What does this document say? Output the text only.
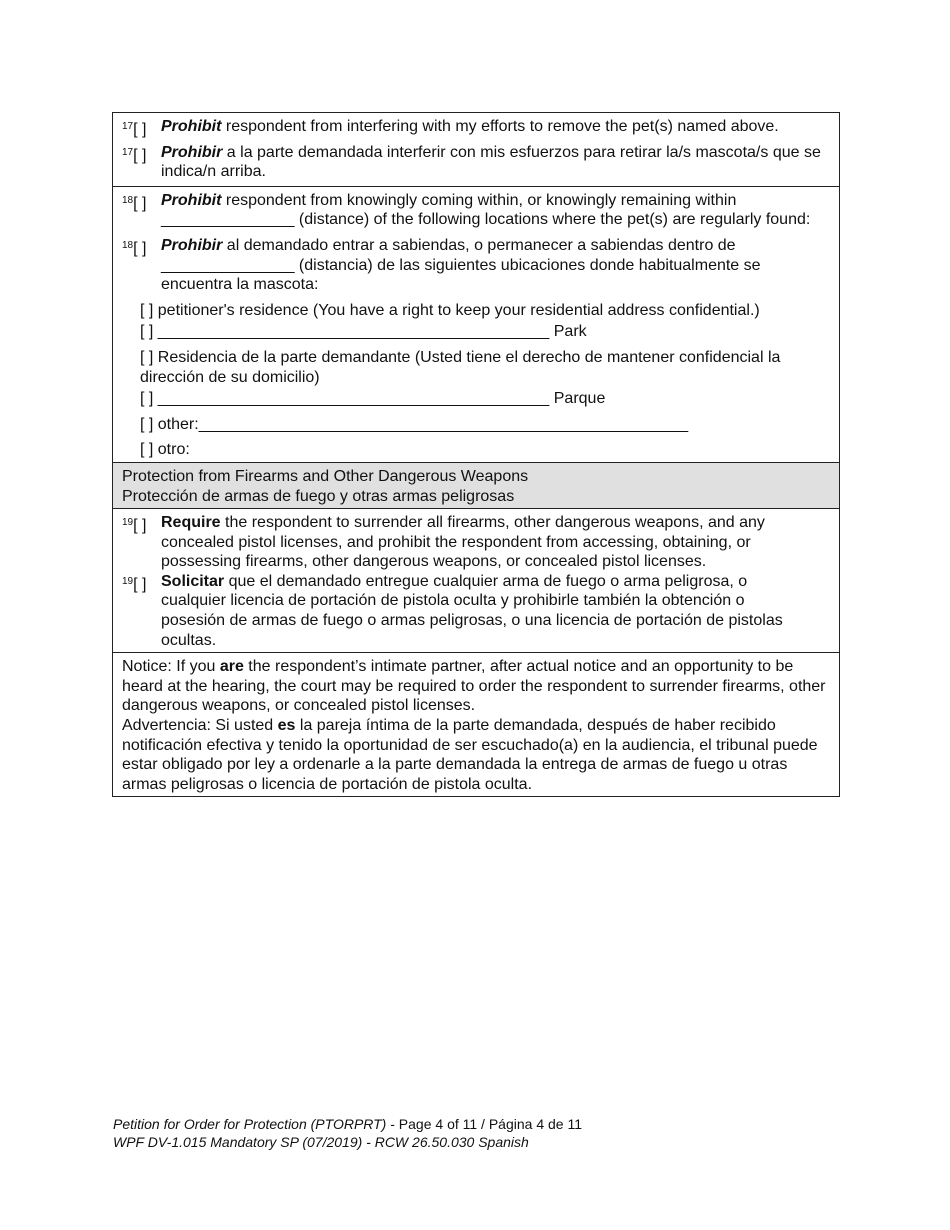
$^{17}$[ ] Prohibit respondent from interfering with my efforts to remove the pet(s) named above.
$^{17}$[ ] Prohibir a la parte demandada interferir con mis esfuerzos para retirar la/s mascota/s que se indica/n arriba.
$^{18}$[ ] Prohibit respondent from knowingly coming within, or knowingly remaining within
_______________ (distance) of the following locations where the pet(s) are regularly found:
$^{18}$[ ] Prohibir al demandado entrar a sabiendas, o permanecer a sabiendas dentro de
_______________ (distancia) de las siguientes ubicaciones donde habitualmente se encuentra la mascota:
[ ] petitioner's residence (You have a right to keep your residential address confidential.)
[ ] ____________________________________________ Park
[ ] Residencia de la parte demandante (Usted tiene el derecho de mantener confidencial la dirección de su domicilio)
[ ] ____________________________________________ Parque
[ ] other:_______________________________________________________
[ ] otro:
Protection from Firearms and Other Dangerous Weapons
Protección de armas de fuego y otras armas peligrosas
$^{19}$[ ] Require the respondent to surrender all firearms, other dangerous weapons, and any concealed pistol licenses, and prohibit the respondent from accessing, obtaining, or possessing firearms, other dangerous weapons, or concealed pistol licenses.
$^{19}$[ ] Solicitar que el demandado entregue cualquier arma de fuego o arma peligrosa, o cualquier licencia de portación de pistola oculta y prohibirle también la obtención o posesión de armas de fuego o armas peligrosas, o una licencia de portación de pistolas ocultas.
Notice: If you are the respondent’s intimate partner, after actual notice and an opportunity to be heard at the hearing, the court may be required to order the respondent to surrender firearms, other dangerous weapons, or concealed pistol licenses.
Advertencia: Si usted es la pareja íntima de la parte demandada, después de haber recibido notificación efectiva y tenido la oportunidad de ser escuchado(a) en la audiencia, el tribunal puede estar obligado por ley a ordenarle a la parte demandada la entrega de armas de fuego u otras armas peligrosas o licencia de portación de pistola oculta.
Petition for Order for Protection (PTORPRT) - Page 4 of 11 / Página 4 de 11
WPF DV-1.015 Mandatory SP (07/2019) - RCW 26.50.030 Spanish
